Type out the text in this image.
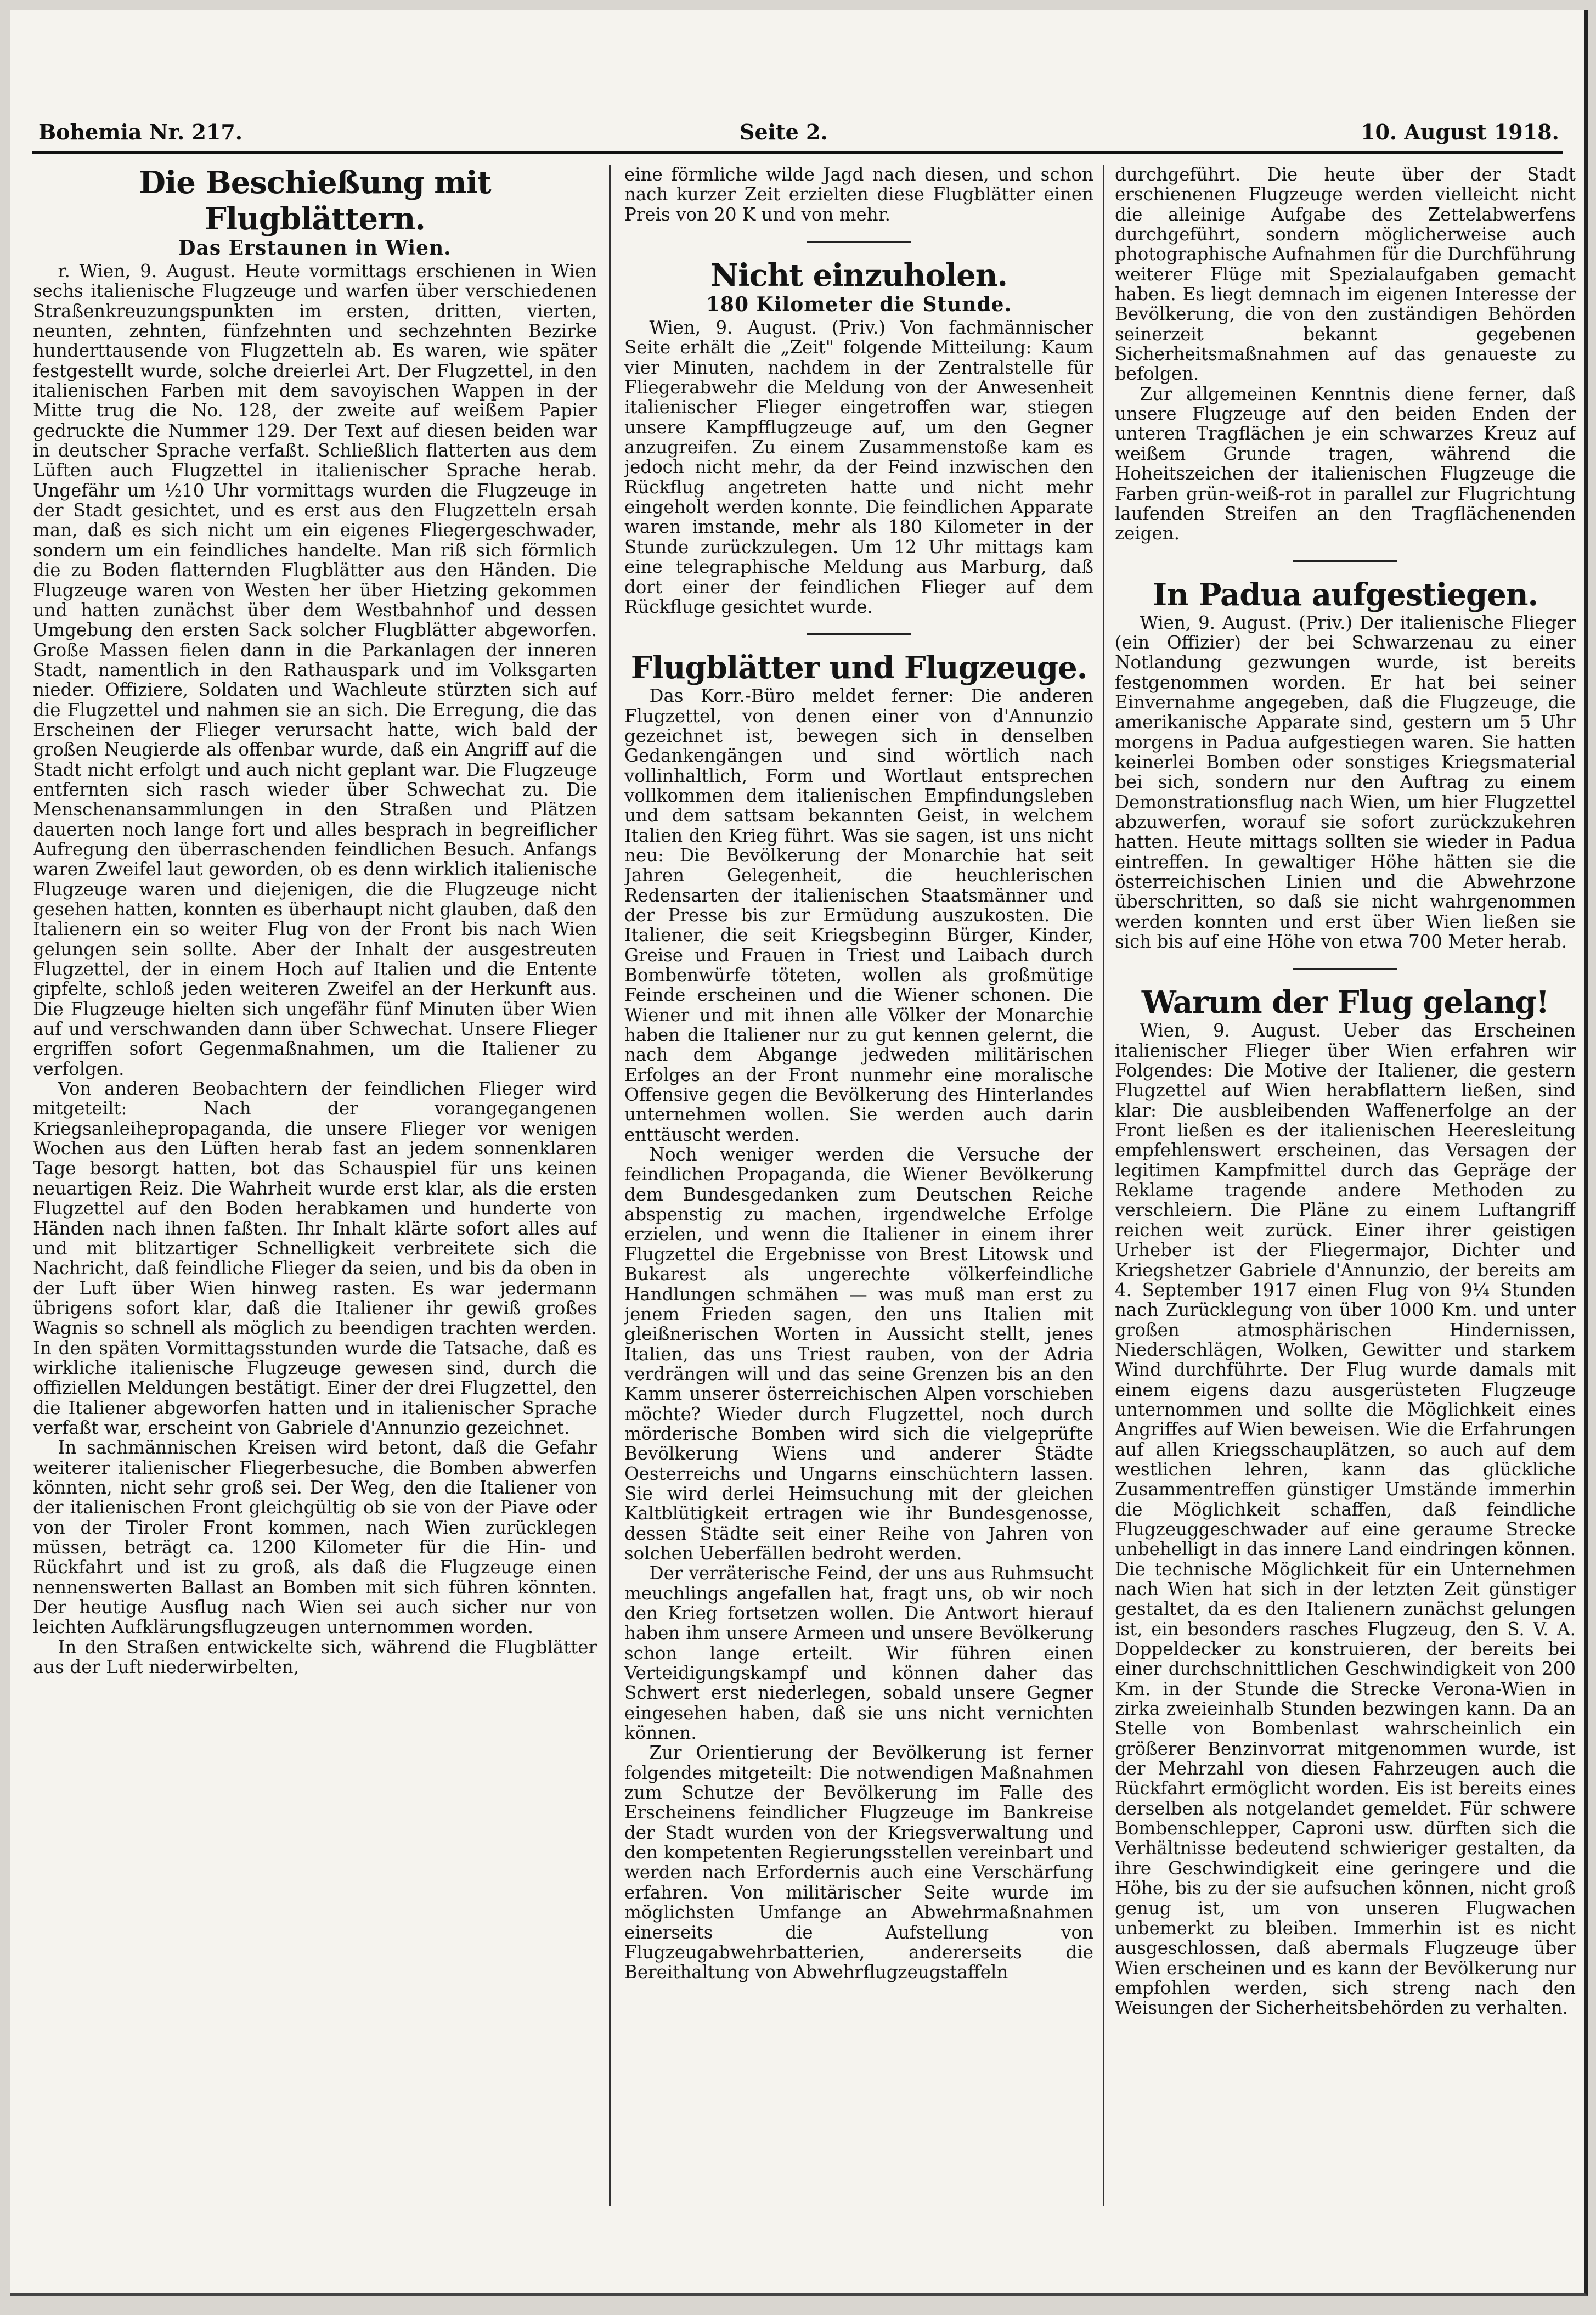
Bohemia Nr. 217.	Seite 2.	10. August 1918.
Die Beschießung mit Flugblättern.
Das Erstaunen in Wien.

r. Wien, 9. August. Heute vormittags erschienen in Wien sechs italienische Flugzeuge und warfen über verschiedenen Straßenkreuzungspunkten im ersten, dritten, vierten, neunten, zehnten, fünfzehnten und sechzehnten Bezirke hunderttausende von Flugzetteln ab. Es waren, wie später festgestellt wurde, solche dreierlei Art. Der Flugzettel, in den italienischen Farben mit dem savoyischen Wappen in der Mitte trug die No. 128, der zweite auf weißem Papier gedruckte die Nummer 129. Der Text auf diesen beiden war in deutscher Sprache verfaßt. Schließlich flatterten aus dem Lüften auch Flugzettel in italienischer Sprache herab. Ungefähr um ½10 Uhr vormittags wurden die Flugzeuge in der Stadt gesichtet, und es erst aus den Flugzetteln ersah man, daß es sich nicht um ein eigenes Fliegergeschwader, sondern um ein feindliches handelte. Man riß sich förmlich die zu Boden flatternden Flugblätter aus den Händen. Die Flugzeuge waren von Westen her über Hietzing gekommen und hatten zunächst über dem Westbahnhof und dessen Umgebung den ersten Sack solcher Flugblätter abgeworfen. Große Massen fielen dann in die Parkanlagen der inneren Stadt, namentlich in den Rathauspark und im Volksgarten nieder. Offiziere, Soldaten und Wachleute stürzten sich auf die Flugzettel und nahmen sie an sich. Die Erregung, die das Erscheinen der Flieger verursacht hatte, wich bald der großen Neugierde als offenbar wurde, daß ein Angriff auf die Stadt nicht erfolgt und auch nicht geplant war. Die Flugzeuge entfernten sich rasch wieder über Schwechat zu. Die Menschenansammlungen in den Straßen und Plätzen dauerten noch lange fort und alles besprach in begreiflicher Aufregung den überraschenden feindlichen Besuch. Anfangs waren Zweifel laut geworden, ob es denn wirklich italienische Flugzeuge waren und diejenigen, die die Flugzeuge nicht gesehen hatten, konnten es überhaupt nicht glauben, daß den Italienern ein so weiter Flug von der Front bis nach Wien gelungen sein sollte. Aber der Inhalt der ausgestreuten Flugzettel, der in einem Hoch auf Italien und die Entente gipfelte, schloß jeden weiteren Zweifel an der Herkunft aus. Die Flugzeuge hielten sich ungefähr fünf Minuten über Wien auf und verschwanden dann über Schwechat. Unsere Flieger ergriffen sofort Gegenmaßnahmen, um die Italiener zu verfolgen.

Von anderen Beobachtern der feindlichen Flieger wird mitgeteilt: Nach der vorangegangenen Kriegsanleihepropaganda, die unsere Flieger vor wenigen Wochen aus den Lüften herab fast an jedem sonnenklaren Tage besorgt hatten, bot das Schauspiel für uns keinen neuartigen Reiz. Die Wahrheit wurde erst klar, als die ersten Flugzettel auf den Boden herabkamen und hunderte von Händen nach ihnen faßten. Ihr Inhalt klärte sofort alles auf und mit blitzartiger Schnelligkeit verbreitete sich die Nachricht, daß feindliche Flieger da seien, und bis da oben in der Luft über Wien hinweg rasten. Es war jedermann übrigens sofort klar, daß die Italiener ihr gewiß großes Wagnis so schnell als möglich zu beendigen trachten werden. In den späten Vormittagsstunden wurde die Tatsache, daß es wirkliche italienische Flugzeuge gewesen sind, durch die offiziellen Meldungen bestätigt. Einer der drei Flugzettel, den die Italiener abgeworfen hatten und in italienischer Sprache verfaßt war, erscheint von Gabriele d'Annunzio gezeichnet.

In sachmännischen Kreisen wird betont, daß die Gefahr weiterer italienischer Fliegerbesuche, die Bomben abwerfen könnten, nicht sehr groß sei. Der Weg, den die Italiener von der italienischen Front gleichgültig ob sie von der Piave oder von der Tiroler Front kommen, nach Wien zurücklegen müssen, beträgt ca. 1200 Kilometer für die Hin- und Rückfahrt und ist zu groß, als daß die Flugzeuge einen nennenswerten Ballast an Bomben mit sich führen könnten. Der heutige Ausflug nach Wien sei auch sicher nur von leichten Aufklärungsflugzeugen unternommen worden.

In den Straßen entwickelte sich, während die Flugblätter aus der Luft niederwirbelten,

eine förmliche wilde Jagd nach diesen, und schon nach kurzer Zeit erzielten diese Flugblätter einen Preis von 20 K und von mehr.

Nicht einzuholen.
180 Kilometer die Stunde.

Wien, 9. August. (Priv.) Von fachmännischer Seite erhält die „Zeit" folgende Mitteilung: Kaum vier Minuten, nachdem in der Zentralstelle für Fliegerabwehr die Meldung von der Anwesenheit italienischer Flieger eingetroffen war, stiegen unsere Kampfflugzeuge auf, um den Gegner anzugreifen. Zu einem Zusammenstoße kam es jedoch nicht mehr, da der Feind inzwischen den Rückflug angetreten hatte und nicht mehr eingeholt werden konnte. Die feindlichen Apparate waren imstande, mehr als 180 Kilometer in der Stunde zurückzulegen. Um 12 Uhr mittags kam eine telegraphische Meldung aus Marburg, daß dort einer der feindlichen Flieger auf dem Rückfluge gesichtet wurde.

Flugblätter und Flugzeuge.

Das Korr.-Büro meldet ferner: Die anderen Flugzettel, von denen einer von d'Annunzio gezeichnet ist, bewegen sich in denselben Gedankengängen und sind wörtlich nach vollinhaltlich, Form und Wortlaut entsprechen vollkommen dem italienischen Empfindungsleben und dem sattsam bekannten Geist, in welchem Italien den Krieg führt. Was sie sagen, ist uns nicht neu: Die Bevölkerung der Monarchie hat seit Jahren Gelegenheit, die heuchlerischen Redensarten der italienischen Staatsmänner und der Presse bis zur Ermüdung auszukosten. Die Italiener, die seit Kriegsbeginn Bürger, Kinder, Greise und Frauen in Triest und Laibach durch Bombenwürfe töteten, wollen als großmütige Feinde erscheinen und die Wiener schonen. Die Wiener und mit ihnen alle Völker der Monarchie haben die Italiener nur zu gut kennen gelernt, die nach dem Abgange jedweden militärischen Erfolges an der Front nunmehr eine moralische Offensive gegen die Bevölkerung des Hinterlandes unternehmen wollen. Sie werden auch darin enttäuscht werden.

Noch weniger werden die Versuche der feindlichen Propaganda, die Wiener Bevölkerung dem Bundesgedanken zum Deutschen Reiche abspenstig zu machen, irgendwelche Erfolge erzielen, und wenn die Italiener in einem ihrer Flugzettel die Ergebnisse von Brest Litowsk und Bukarest als ungerechte völkerfeindliche Handlungen schmähen — was muß man erst zu jenem Frieden sagen, den uns Italien mit gleißnerischen Worten in Aussicht stellt, jenes Italien, das uns Triest rauben, von der Adria verdrängen will und das seine Grenzen bis an den Kamm unserer österreichischen Alpen vorschieben möchte? Wieder durch Flugzettel, noch durch mörderische Bomben wird sich die vielgeprüfte Bevölkerung Wiens und anderer Städte Oesterreichs und Ungarns einschüchtern lassen. Sie wird derlei Heimsuchung mit der gleichen Kaltblütigkeit ertragen wie ihr Bundesgenosse, dessen Städte seit einer Reihe von Jahren von solchen Ueberfällen bedroht werden.

Der verräterische Feind, der uns aus Ruhmsucht meuchlings angefallen hat, fragt uns, ob wir noch den Krieg fortsetzen wollen. Die Antwort hierauf haben ihm unsere Armeen und unsere Bevölkerung schon lange erteilt. Wir führen einen Verteidigungskampf und können daher das Schwert erst niederlegen, sobald unsere Gegner eingesehen haben, daß sie uns nicht vernichten können.

Zur Orientierung der Bevölkerung ist ferner folgendes mitgeteilt: Die notwendigen Maßnahmen zum Schutze der Bevölkerung im Falle des Erscheinens feindlicher Flugzeuge im Bankreise der Stadt wurden von der Kriegsverwaltung und den kompetenten Regierungsstellen vereinbart und werden nach Erfordernis auch eine Verschärfung erfahren. Von militärischer Seite wurde im möglichsten Umfange an Abwehrmaßnahmen einerseits die Aufstellung von Flugzeugabwehrbatterien, andererseits die Bereithaltung von Abwehrflugzeugstaffeln

durchgeführt. Die heute über der Stadt erschienenen Flugzeuge werden vielleicht nicht die alleinige Aufgabe des Zettelabwerfens durchgeführt, sondern möglicherweise auch photographische Aufnahmen für die Durchführung weiterer Flüge mit Spezialaufgaben gemacht haben. Es liegt demnach im eigenen Interesse der Bevölkerung, die von den zuständigen Behörden seinerzeit bekannt gegebenen Sicherheitsmaßnahmen auf das genaueste zu befolgen.

Zur allgemeinen Kenntnis diene ferner, daß unsere Flugzeuge auf den beiden Enden der unteren Tragflächen je ein schwarzes Kreuz auf weißem Grunde tragen, während die Hoheitszeichen der italienischen Flugzeuge die Farben grün-weiß-rot in parallel zur Flugrichtung laufenden Streifen an den Tragflächenenden zeigen.

In Padua aufgestiegen.

Wien, 9. August. (Priv.) Der italienische Flieger (ein Offizier) der bei Schwarzenau zu einer Notlandung gezwungen wurde, ist bereits festgenommen worden. Er hat bei seiner Einvernahme angegeben, daß die Flugzeuge, die amerikanische Apparate sind, gestern um 5 Uhr morgens in Padua aufgestiegen waren. Sie hatten keinerlei Bomben oder sonstiges Kriegsmaterial bei sich, sondern nur den Auftrag zu einem Demonstrationsflug nach Wien, um hier Flugzettel abzuwerfen, worauf sie sofort zurückzukehren hatten. Heute mittags sollten sie wieder in Padua eintreffen. In gewaltiger Höhe hätten sie die österreichischen Linien und die Abwehrzone überschritten, so daß sie nicht wahrgenommen werden konnten und erst über Wien ließen sie sich bis auf eine Höhe von etwa 700 Meter herab.

Warum der Flug gelang!

Wien, 9. August. Ueber das Erscheinen italienischer Flieger über Wien erfahren wir Folgendes: Die Motive der Italiener, die gestern Flugzettel auf Wien herabflattern ließen, sind klar: Die ausbleibenden Waffenerfolge an der Front ließen es der italienischen Heeresleitung empfehlenswert erscheinen, das Versagen der legitimen Kampfmittel durch das Gepräge der Reklame tragende andere Methoden zu verschleiern. Die Pläne zu einem Luftangriff reichen weit zurück. Einer ihrer geistigen Urheber ist der Fliegermajor, Dichter und Kriegshetzer Gabriele d'Annunzio, der bereits am 4. September 1917 einen Flug von 9¼ Stunden nach Zurücklegung von über 1000 Km. und unter großen atmosphärischen Hindernissen, Niederschlägen, Wolken, Gewitter und starkem Wind durchführte. Der Flug wurde damals mit einem eigens dazu ausgerüsteten Flugzeuge unternommen und sollte die Möglichkeit eines Angriffes auf Wien beweisen. Wie die Erfahrungen auf allen Kriegsschauplätzen, so auch auf dem westlichen lehren, kann das glückliche Zusammentreffen günstiger Umstände immerhin die Möglichkeit schaffen, daß feindliche Flugzeuggeschwader auf eine geraume Strecke unbehelligt in das innere Land eindringen können. Die technische Möglichkeit für ein Unternehmen nach Wien hat sich in der letzten Zeit günstiger gestaltet, da es den Italienern zunächst gelungen ist, ein besonders rasches Flugzeug, den S. V. A. Doppeldecker zu konstruieren, der bereits bei einer durchschnittlichen Geschwindigkeit von 200 Km. in der Stunde die Strecke Verona-Wien in zirka zweieinhalb Stunden bezwingen kann. Da an Stelle von Bombenlast wahrscheinlich ein größerer Benzinvorrat mitgenommen wurde, ist der Mehrzahl von diesen Fahrzeugen auch die Rückfahrt ermöglicht worden. Eis ist bereits eines derselben als notgelandet gemeldet. Für schwere Bombenschlepper, Caproni usw. dürften sich die Verhältnisse bedeutend schwieriger gestalten, da ihre Geschwindigkeit eine geringere und die Höhe, bis zu der sie aufsuchen können, nicht groß genug ist, um von unseren Flugwachen unbemerkt zu bleiben. Immerhin ist es nicht ausgeschlossen, daß abermals Flugzeuge über Wien erscheinen und es kann der Bevölkerung nur empfohlen werden, sich streng nach den Weisungen der Sicherheitsbehörden zu verhalten.
